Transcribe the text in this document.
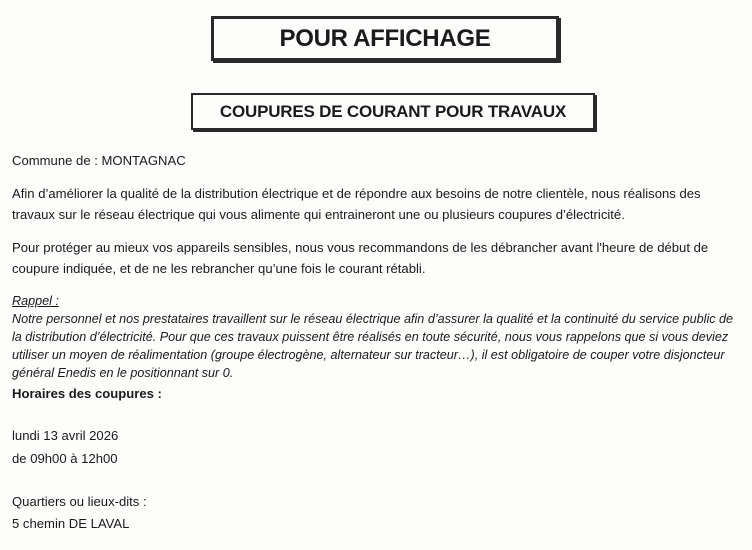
POUR AFFICHAGE
COUPURES DE COURANT POUR TRAVAUX
Commune de : MONTAGNAC
Afin d’améliorer la qualité de la distribution électrique et de répondre aux besoins de notre clientèle, nous réalisons des travaux sur le réseau électrique qui vous alimente qui entraineront une ou plusieurs coupures d’électricité.
Pour protéger au mieux vos appareils sensibles, nous vous recommandons de les débrancher avant l'heure de début de coupure indiquée, et de ne les rebrancher qu’une fois le courant rétabli.
Rappel :
Notre personnel et nos prestataires travaillent sur le réseau électrique afin d’assurer la qualité et la continuité du service public de la distribution d’électricité. Pour que ces travaux puissent être réalisés en toute sécurité, nous vous rappelons que si vous deviez utiliser un moyen de réalimentation (groupe électrogène, alternateur sur tracteur…), il est obligatoire de couper votre disjoncteur général Enedis en le positionnant sur 0.
Horaires des coupures :
lundi 13 avril 2026
de 09h00 à 12h00
Quartiers ou lieux-dits :
5 chemin DE LAVAL
